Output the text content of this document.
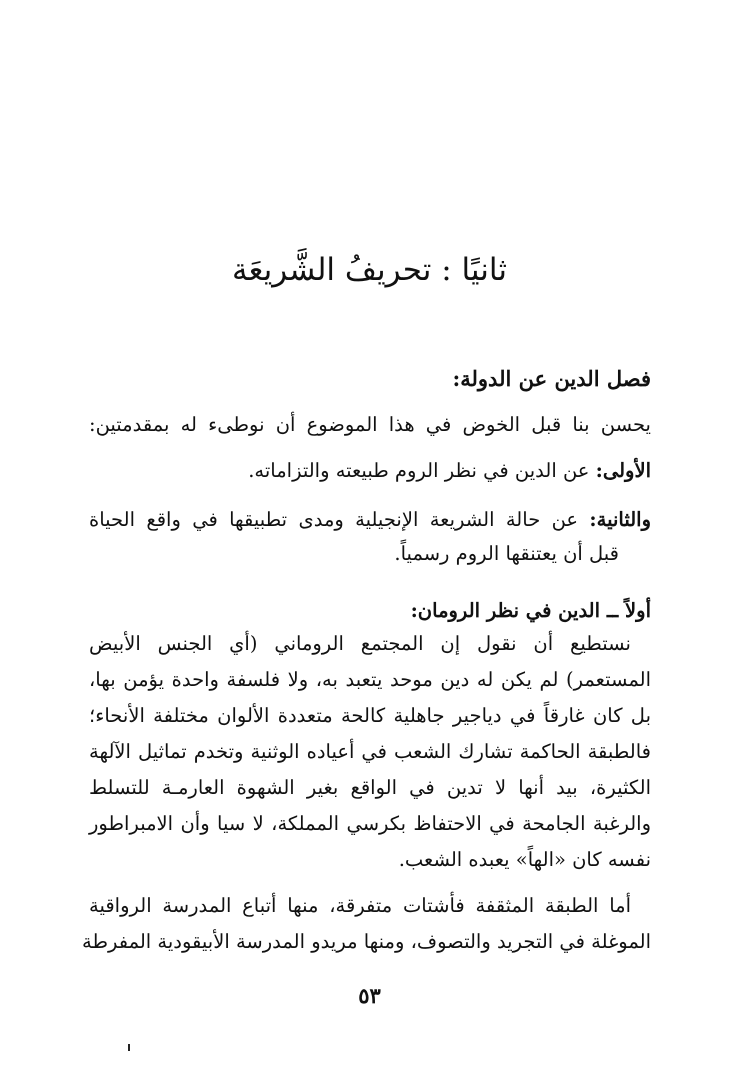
ثانيًا : تحريفُ الشَّريعَة

فصل الدين عن الدولة:

يحسن بنا قبل الخوض في هذا الموضوع أن نوطىء له بمقدمتين:

الأولى: عن الدين في نظر الروم طبيعته والتزاماته.

والثانية: عن حالة الشريعة الإنجيلية ومدى تطبيقها في واقع الحياة

قبل أن يعتنقها الروم رسمياً.

أولاً ــ الدين في نظر الرومان:

نستطيع أن نقول إن المجتمع الروماني (أي الجنس الأبيض

المستعمر) لم يكن له دين موحد يتعبد به، ولا فلسفة واحدة يؤمن بها،

بل كان غارقاً في دياجير جاهلية كالحة متعددة الألوان مختلفة الأنحاء؛

فالطبقة الحاكمة تشارك الشعب في أعياده الوثنية وتخدم تماثيل الآلهة

الكثيرة، بيد أنها لا تدين في الواقع بغير الشهوة العارمـة للتسلط

والرغبة الجامحة في الاحتفاظ بكرسي المملكة، لا سيا وأن الامبراطور

نفسه كان «الهاً» يعبده الشعب.

أما الطبقة المثقفة فأشتات متفرقة، منها أتباع المدرسة الرواقية

الموغلة في التجريد والتصوف، ومنها مريدو المدرسة الأبيقودية المفرطة

٥٣
